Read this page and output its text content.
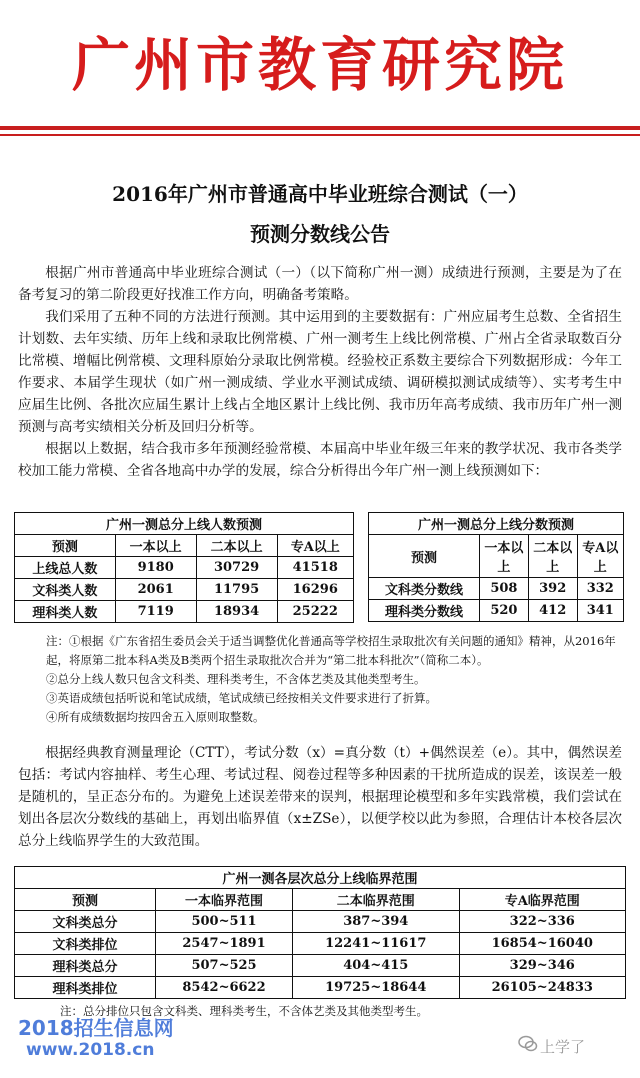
广州市教育研究院
2016年广州市普通高中毕业班综合测试（一）
预测分数线公告
根据广州市普通高中毕业班综合测试（一）（以下简称广州一测）成绩进行预测，主要是为了在备考复习的第二阶段更好找准工作方向，明确备考策略。
我们采用了五种不同的方法进行预测。其中运用到的主要数据有：广州应届考生总数、全省招生计划数、去年实绩、历年上线和录取比例常模、广州一测考生上线比例常模、广州占全省录取数百分比常模、增幅比例常模、文理科原始分录取比例常模。经验校正系数主要综合下列数据形成：今年工作要求、本届学生现状（如广州一测成绩、学业水平测试成绩、调研模拟测试成绩等）、实考考生中应届生比例、各批次应届生累计上线占全地区累计上线比例、我市历年高考成绩、我市历年广州一测预测与高考实绩相关分析及回归分析等。
根据以上数据，结合我市多年预测经验常模、本届高中毕业年级三年来的教学状况、我市各类学校加工能力常模、全省各地高中办学的发展，综合分析得出今年广州一测上线预测如下：
广州一测总分上线人数预测			
预测	一本以上	二本以上	专A以上
上线总人数	9180	30729	41518
文科类人数	2061	11795	16296
理科类人数	7119	18934	25222
广州一测总分上线分数预测			
预测	一本以上	二本以上	专A以上
文科类分数线	508	392	332
理科类分数线	520	412	341
注：①根据《广东省招生委员会关于适当调整优化普通高等学校招生录取批次有关问题的通知》精神，从2016年起，将原第二批本科A类及B类两个招生录取批次合并为“第二批本科批次”（简称二本）。
②总分上线人数只包含文科类、理科类考生，不含体艺类及其他类型考生。
③英语成绩包括听说和笔试成绩，笔试成绩已经按相关文件要求进行了折算。
④所有成绩数据均按四舍五入原则取整数。
根据经典教育测量理论（CTT），考试分数（x）=真分数（t）+偶然误差（e）。其中，偶然误差包括：考试内容抽样、考生心理、考试过程、阅卷过程等多种因素的干扰所造成的误差，该误差一般是随机的，呈正态分布的。为避免上述误差带来的误判，根据理论模型和多年实践常模，我们尝试在划出各层次分数线的基础上，再划出临界值（x±ZSe），以便学校以此为参照，合理估计本校各层次总分上线临界学生的大致范围。
广州一测各层次总分上线临界范围			
预测	一本临界范围	二本临界范围	专A临界范围
文科类总分	500~511	387~394	322~336
文科类排位	2547~1891	12241~11617	16854~16040
理科类总分	507~525	404~415	329~346
理科类排位	8542~6622	19725~18644	26105~24833
注：总分排位只包含文科类、理科类考生，不含体艺类及其他类型考生。
2018招生信息网
www.2018.cn	上学了
